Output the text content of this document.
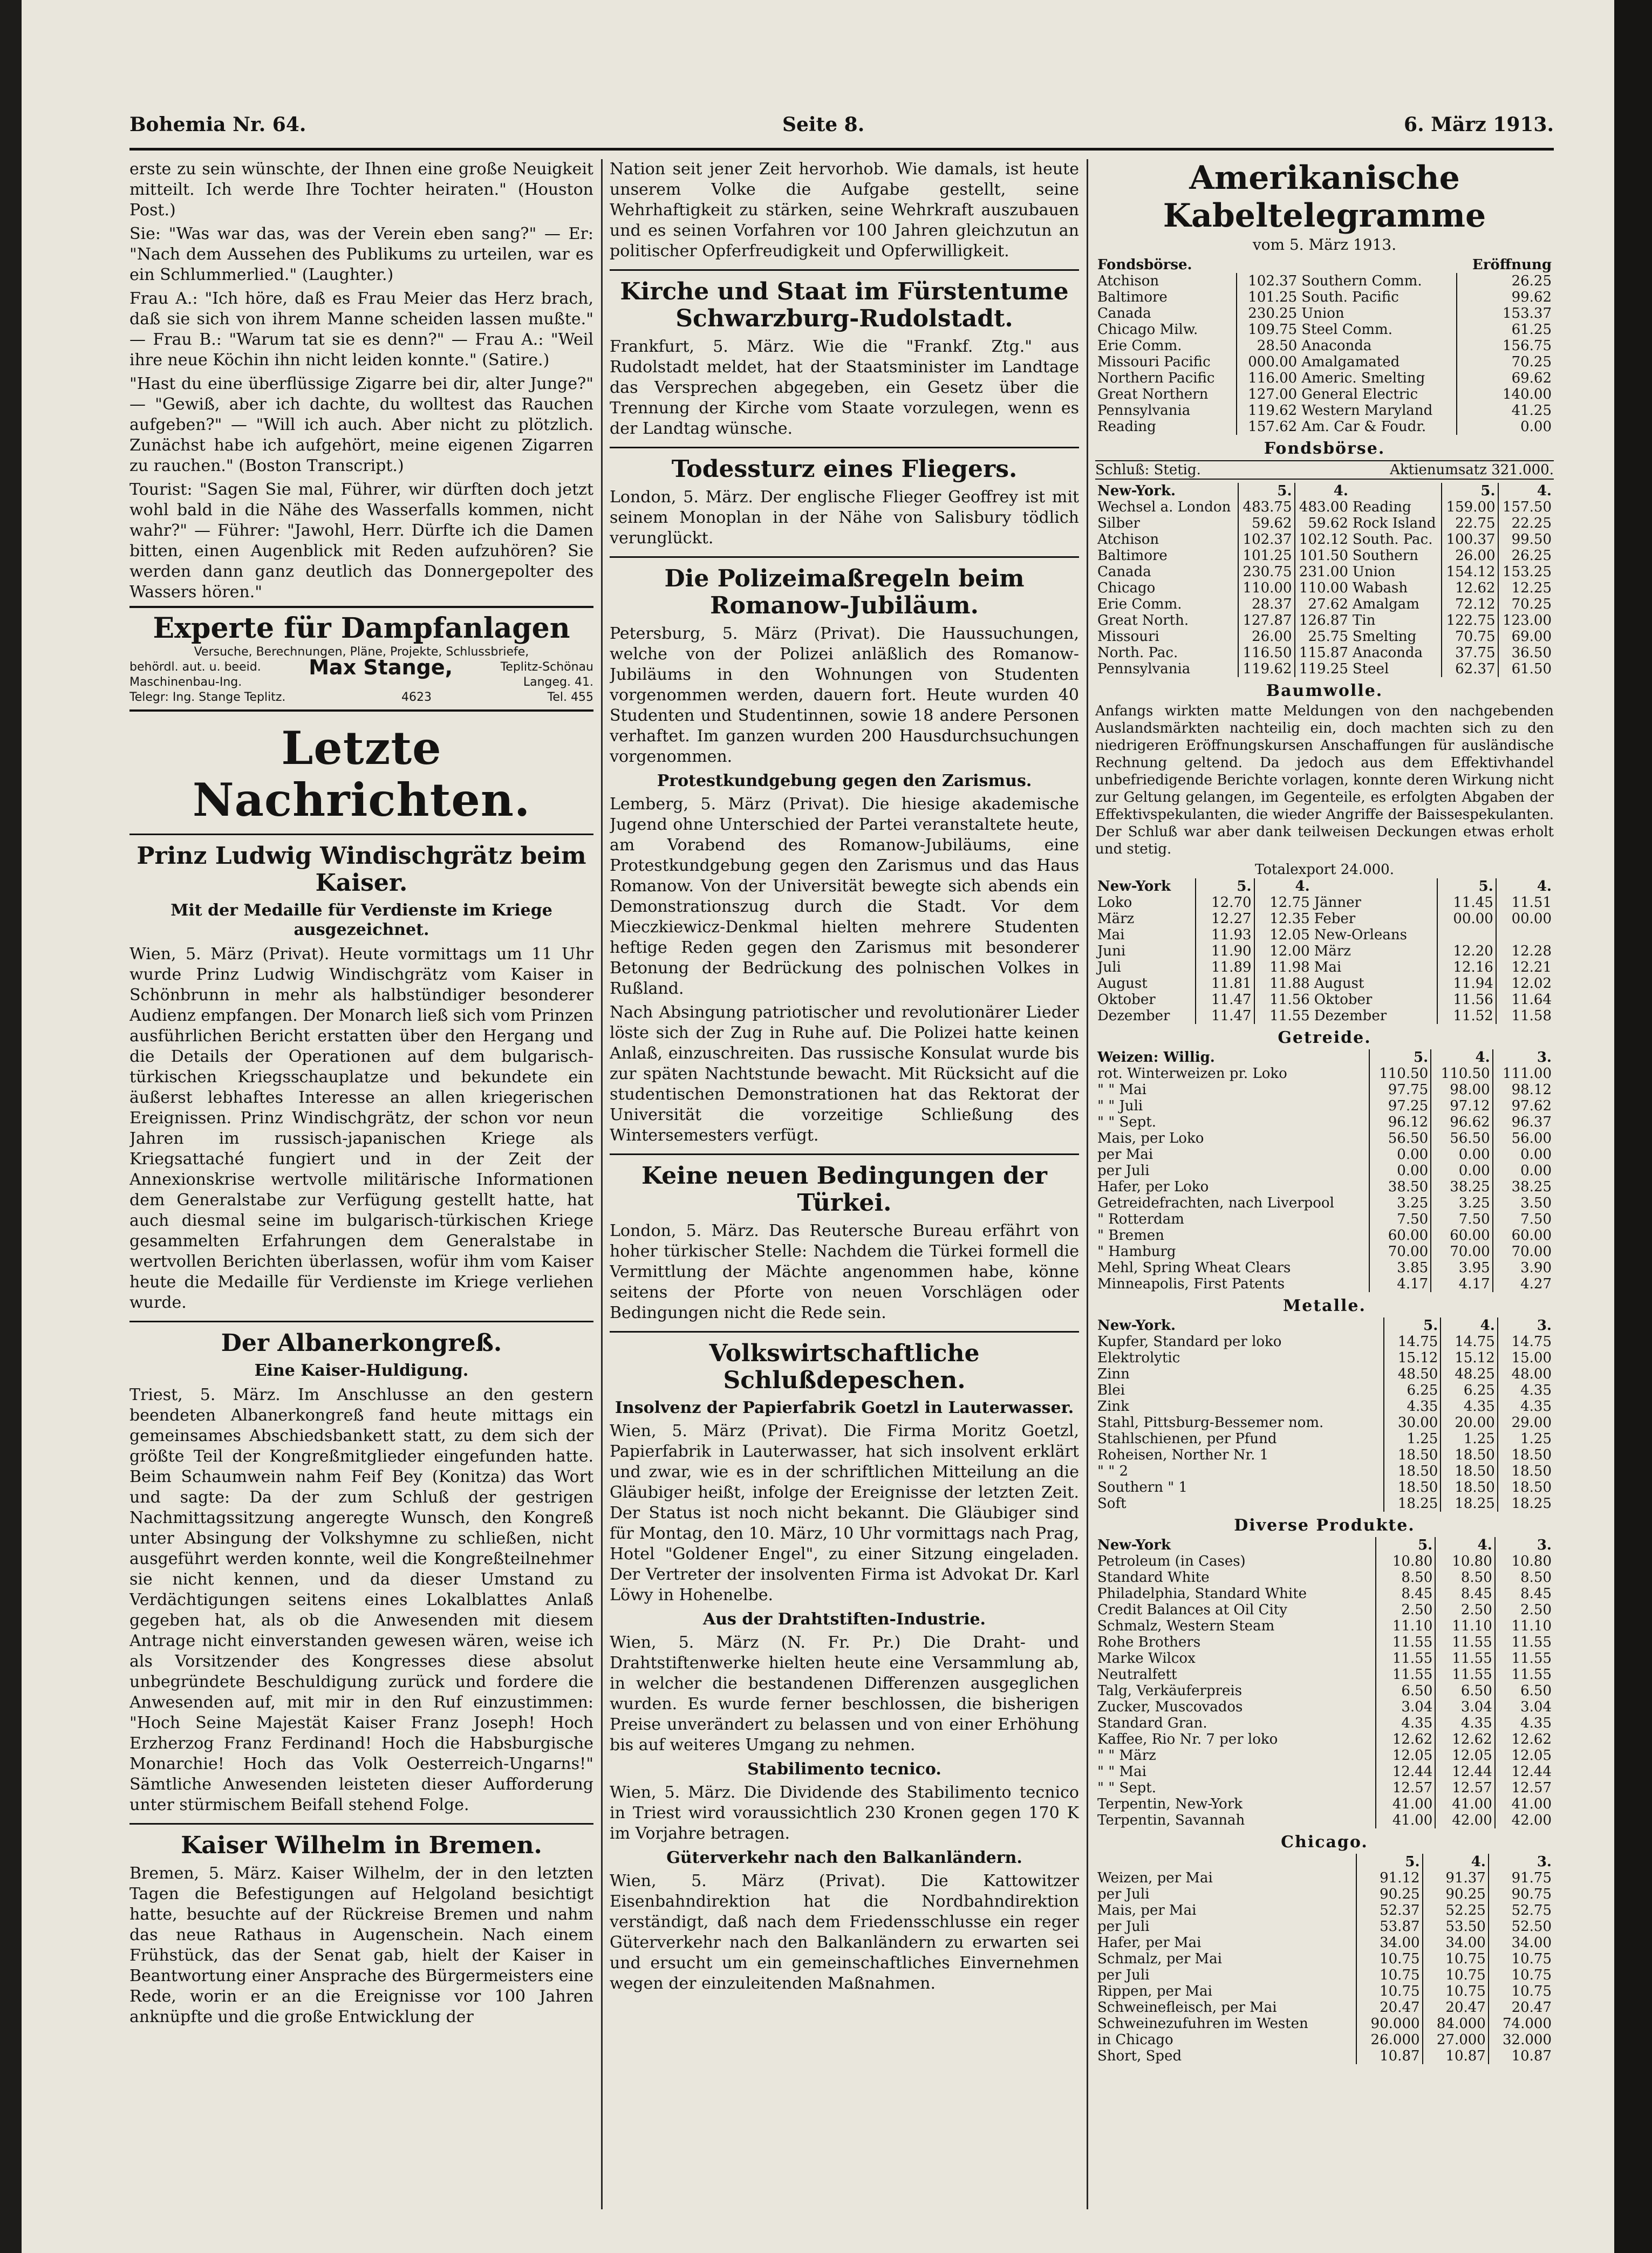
Bohemia Nr. 64.	Seite 8.	6. März 1913.

erste zu sein wünschte, der Ihnen eine große Neuigkeit mitteilt. Ich werde Ihre Tochter heiraten." (Houston Post.)

Sie: "Was war das, was der Verein eben sang?" — Er: "Nach dem Aussehen des Publikums zu urteilen, war es ein Schlummerlied." (Laughter.)

Frau A.: "Ich höre, daß es Frau Meier das Herz brach, daß sie sich von ihrem Manne scheiden lassen mußte." — Frau B.: "Warum tat sie es denn?" — Frau A.: "Weil ihre neue Köchin ihn nicht leiden konnte." (Satire.)

"Hast du eine überflüssige Zigarre bei dir, alter Junge?" — "Gewiß, aber ich dachte, du wolltest das Rauchen aufgeben?" — "Will ich auch. Aber nicht zu plötzlich. Zunächst habe ich aufgehört, meine eigenen Zigarren zu rauchen." (Boston Transcript.)

Tourist: "Sagen Sie mal, Führer, wir dürften doch jetzt wohl bald in die Nähe des Wasserfalls kommen, nicht wahr?" — Führer: "Jawohl, Herr. Dürfte ich die Damen bitten, einen Augenblick mit Reden aufzuhören? Sie werden dann ganz deutlich das Donnergepolter des Wassers hören."

Experte für Dampfanlagen
Versuche, Berechnungen, Pläne, Projekte, Schlussbriefe,
behördl. aut. u. beeid.
Maschinenbau-Ing.
Max Stange,	Teplitz-Schönau
Langeg. 41.
Telegr: Ing. Stange Teplitz.	4623	Tel. 455
Letzte Nachrichten.
Prinz Ludwig Windischgrätz beim Kaiser.
Mit der Medaille für Verdienste im Kriege ausgezeichnet.

Wien, 5. März (Privat). Heute vormittags um 11 Uhr wurde Prinz Ludwig Windischgrätz vom Kaiser in Schönbrunn in mehr als halbstündiger besonderer Audienz empfangen. Der Monarch ließ sich vom Prinzen ausführlichen Bericht erstatten über den Hergang und die Details der Operationen auf dem bulgarisch-türkischen Kriegsschauplatze und bekundete ein äußerst lebhaftes Interesse an allen kriegerischen Ereignissen. Prinz Windischgrätz, der schon vor neun Jahren im russisch-japanischen Kriege als Kriegsattaché fungiert und in der Zeit der Annexionskrise wertvolle militärische Informationen dem Generalstabe zur Verfügung gestellt hatte, hat auch diesmal seine im bulgarisch-türkischen Kriege gesammelten Erfahrungen dem Generalstabe in wertvollen Berichten überlassen, wofür ihm vom Kaiser heute die Medaille für Verdienste im Kriege verliehen wurde.

Der Albanerkongreß.
Eine Kaiser-Huldigung.

Triest, 5. März. Im Anschlusse an den gestern beendeten Albanerkongreß fand heute mittags ein gemeinsames Abschiedsbankett statt, zu dem sich der größte Teil der Kongreßmitglieder eingefunden hatte. Beim Schaumwein nahm Feif Bey (Konitza) das Wort und sagte: Da der zum Schluß der gestrigen Nachmittagssitzung angeregte Wunsch, den Kongreß unter Absingung der Volkshymne zu schließen, nicht ausgeführt werden konnte, weil die Kongreßteilnehmer sie nicht kennen, und da dieser Umstand zu Verdächtigungen seitens eines Lokalblattes Anlaß gegeben hat, als ob die Anwesenden mit diesem Antrage nicht einverstanden gewesen wären, weise ich als Vorsitzender des Kongresses diese absolut unbegründete Beschuldigung zurück und fordere die Anwesenden auf, mit mir in den Ruf einzustimmen: "Hoch Seine Majestät Kaiser Franz Joseph! Hoch Erzherzog Franz Ferdinand! Hoch die Habsburgische Monarchie! Hoch das Volk Oesterreich-Ungarns!" Sämtliche Anwesenden leisteten dieser Aufforderung unter stürmischem Beifall stehend Folge.

Kaiser Wilhelm in Bremen.

Bremen, 5. März. Kaiser Wilhelm, der in den letzten Tagen die Befestigungen auf Helgoland besichtigt hatte, besuchte auf der Rückreise Bremen und nahm das neue Rathaus in Augenschein. Nach einem Frühstück, das der Senat gab, hielt der Kaiser in Beantwortung einer Ansprache des Bürgermeisters eine Rede, worin er an die Ereignisse vor 100 Jahren anknüpfte und die große Entwicklung der

Nation seit jener Zeit hervorhob. Wie damals, ist heute unserem Volke die Aufgabe gestellt, seine Wehrhaftigkeit zu stärken, seine Wehrkraft auszubauen und es seinen Vorfahren vor 100 Jahren gleichzutun an politischer Opferfreudigkeit und Opferwilligkeit.

Kirche und Staat im Fürstentume Schwarzburg-Rudolstadt.

Frankfurt, 5. März. Wie die "Frankf. Ztg." aus Rudolstadt meldet, hat der Staatsminister im Landtage das Versprechen abgegeben, ein Gesetz über die Trennung der Kirche vom Staate vorzulegen, wenn es der Landtag wünsche.

Todessturz eines Fliegers.

London, 5. März. Der englische Flieger Geoffrey ist mit seinem Monoplan in der Nähe von Salisbury tödlich verunglückt.

Die Polizeimaßregeln beim Romanow-Jubiläum.

Petersburg, 5. März (Privat). Die Haussuchungen, welche von der Polizei anläßlich des Romanow-Jubiläums in den Wohnungen von Studenten vorgenommen werden, dauern fort. Heute wurden 40 Studenten und Studentinnen, sowie 18 andere Personen verhaftet. Im ganzen wurden 200 Hausdurchsuchungen vorgenommen.

Protestkundgebung gegen den Zarismus.

Lemberg, 5. März (Privat). Die hiesige akademische Jugend ohne Unterschied der Partei veranstaltete heute, am Vorabend des Romanow-Jubiläums, eine Protestkundgebung gegen den Zarismus und das Haus Romanow. Von der Universität bewegte sich abends ein Demonstrationszug durch die Stadt. Vor dem Mieczkiewicz-Denkmal hielten mehrere Studenten heftige Reden gegen den Zarismus mit besonderer Betonung der Bedrückung des polnischen Volkes in Rußland.

Nach Absingung patriotischer und revolutionärer Lieder löste sich der Zug in Ruhe auf. Die Polizei hatte keinen Anlaß, einzuschreiten. Das russische Konsulat wurde bis zur späten Nachtstunde bewacht. Mit Rücksicht auf die studentischen Demonstrationen hat das Rektorat der Universität die vorzeitige Schließung des Wintersemesters verfügt.

Keine neuen Bedingungen der Türkei.

London, 5. März. Das Reutersche Bureau erfährt von hoher türkischer Stelle: Nachdem die Türkei formell die Vermittlung der Mächte angenommen habe, könne seitens der Pforte von neuen Vorschlägen oder Bedingungen nicht die Rede sein.

Volkswirtschaftliche Schlußdepeschen.
Insolvenz der Papierfabrik Goetzl in Lauterwasser.

Wien, 5. März (Privat). Die Firma Moritz Goetzl, Papierfabrik in Lauterwasser, hat sich insolvent erklärt und zwar, wie es in der schriftlichen Mitteilung an die Gläubiger heißt, infolge der Ereignisse der letzten Zeit. Der Status ist noch nicht bekannt. Die Gläubiger sind für Montag, den 10. März, 10 Uhr vormittags nach Prag, Hotel "Goldener Engel", zu einer Sitzung eingeladen. Der Vertreter der insolventen Firma ist Advokat Dr. Karl Löwy in Hohenelbe.

Aus der Drahtstiften-Industrie.

Wien, 5. März (N. Fr. Pr.) Die Draht- und Drahtstiftenwerke hielten heute eine Versammlung ab, in welcher die bestandenen Differenzen ausgeglichen wurden. Es wurde ferner beschlossen, die bisherigen Preise unverändert zu belassen und von einer Erhöhung bis auf weiteres Umgang zu nehmen.

Stabilimento tecnico.

Wien, 5. März. Die Dividende des Stabilimento tecnico in Triest wird voraussichtlich 230 Kronen gegen 170 K im Vorjahre betragen.

Güterverkehr nach den Balkanländern.

Wien, 5. März (Privat). Die Kattowitzer Eisenbahndirektion hat die Nordbahndirektion verständigt, daß nach dem Friedensschlusse ein reger Güterverkehr nach den Balkanländern zu erwarten sei und ersucht um ein gemeinschaftliches Einvernehmen wegen der einzuleitenden Maßnahmen.

Amerikanische Kabeltelegramme
vom 5. März 1913.
Fondsbörse.			Eröffnung
Atchison	102.37	Southern Comm.	26.25
Baltimore	101.25	South. Pacific	99.62
Canada	230.25	Union	153.37
Chicago Milw.	109.75	Steel Comm.	61.25
Erie Comm.	28.50	Anaconda	156.75
Missouri Pacific	000.00	Amalgamated	70.25
Northern Pacific	116.00	Americ. Smelting	69.62
Great Northern	127.00	General Electric	140.00
Pennsylvania	119.62	Western Maryland	41.25
Reading	157.62	Am. Car & Foudr.	0.00
Fondsbörse.
Schluß: Stetig.	Aktienumsatz 321.000.
New-York.	5.	4.		5.	4.
Wechsel a. London	483.75	483.00	Reading	159.00	157.50
Silber	59.62	59.62	Rock Island	22.75	22.25
Atchison	102.37	102.12	South. Pac.	100.37	99.50
Baltimore	101.25	101.50	Southern	26.00	26.25
Canada	230.75	231.00	Union	154.12	153.25
Chicago	110.00	110.00	Wabash	12.62	12.25
Erie Comm.	28.37	27.62	Amalgam	72.12	70.25
Great North.	127.87	126.87	Tin	122.75	123.00
Missouri	26.00	25.75	Smelting	70.75	69.00
North. Pac.	116.50	115.87	Anaconda	37.75	36.50
Pennsylvania	119.62	119.25	Steel	62.37	61.50
Baumwolle.

Anfangs wirkten matte Meldungen von den nachgebenden Auslandsmärkten nachteilig ein, doch machten sich zu den niedrigeren Eröffnungskursen Anschaffungen für ausländische Rechnung geltend. Da jedoch aus dem Effektivhandel unbefriedigende Berichte vorlagen, konnte deren Wirkung nicht zur Geltung gelangen, im Gegenteile, es erfolgten Abgaben der Effektivspekulanten, die wieder Angriffe der Baissespekulanten. Der Schluß war aber dank teilweisen Deckungen etwas erholt und stetig.

Totalexport 24.000.
New-York	5.	4.		5.	4.
Loko	12.70	12.75	Jänner	11.45	11.51
März	12.27	12.35	Feber	00.00	00.00
Mai	11.93	12.05	New-Orleans		
Juni	11.90	12.00	März	12.20	12.28
Juli	11.89	11.98	Mai	12.16	12.21
August	11.81	11.88	August	11.94	12.02
Oktober	11.47	11.56	Oktober	11.56	11.64
Dezember	11.47	11.55	Dezember	11.52	11.58
Getreide.
Weizen: Willig.	5.	4.	3.
rot. Winterweizen pr. Loko	110.50	110.50	111.00
" " Mai	97.75	98.00	98.12
" " Juli	97.25	97.12	97.62
" " Sept.	96.12	96.62	96.37
Mais, per Loko	56.50	56.50	56.00
per Mai	0.00	0.00	0.00
per Juli	0.00	0.00	0.00
Hafer, per Loko	38.50	38.25	38.25
Getreidefrachten, nach Liverpool	3.25	3.25	3.50
" Rotterdam	7.50	7.50	7.50
" Bremen	60.00	60.00	60.00
" Hamburg	70.00	70.00	70.00
Mehl, Spring Wheat Clears	3.85	3.95	3.90
Minneapolis, First Patents	4.17	4.17	4.27
Metalle.
New-York.	5.	4.	3.
Kupfer, Standard per loko	14.75	14.75	14.75
Elektrolytic	15.12	15.12	15.00
Zinn	48.50	48.25	48.00
Blei	6.25	6.25	4.35
Zink	4.35	4.35	4.35
Stahl, Pittsburg-Bessemer nom.	30.00	20.00	29.00
Stahlschienen, per Pfund	1.25	1.25	1.25
Roheisen, Norther Nr. 1	18.50	18.50	18.50
" " 2	18.50	18.50	18.50
Southern " 1	18.50	18.50	18.50
Soft	18.25	18.25	18.25
Diverse Produkte.
New-York	5.	4.	3.
Petroleum (in Cases)	10.80	10.80	10.80
Standard White	8.50	8.50	8.50
Philadelphia, Standard White	8.45	8.45	8.45
Credit Balances at Oil City	2.50	2.50	2.50
Schmalz, Western Steam	11.10	11.10	11.10
Rohe Brothers	11.55	11.55	11.55
Marke Wilcox	11.55	11.55	11.55
Neutralfett	11.55	11.55	11.55
Talg, Verkäuferpreis	6.50	6.50	6.50
Zucker, Muscovados	3.04	3.04	3.04
Standard Gran.	4.35	4.35	4.35
Kaffee, Rio Nr. 7 per loko	12.62	12.62	12.62
" " März	12.05	12.05	12.05
" " Mai	12.44	12.44	12.44
" " Sept.	12.57	12.57	12.57
Terpentin, New-York	41.00	41.00	41.00
Terpentin, Savannah	41.00	42.00	42.00
Chicago.
	5.	4.	3.
Weizen, per Mai	91.12	91.37	91.75
per Juli	90.25	90.25	90.75
Mais, per Mai	52.37	52.25	52.75
per Juli	53.87	53.50	52.50
Hafer, per Mai	34.00	34.00	34.00
Schmalz, per Mai	10.75	10.75	10.75
per Juli	10.75	10.75	10.75
Rippen, per Mai	10.75	10.75	10.75
Schweinefleisch, per Mai	20.47	20.47	20.47
Schweinezufuhren im Westen	90.000	84.000	74.000
in Chicago	26.000	27.000	32.000
Short, Sped	10.87	10.87	10.87
